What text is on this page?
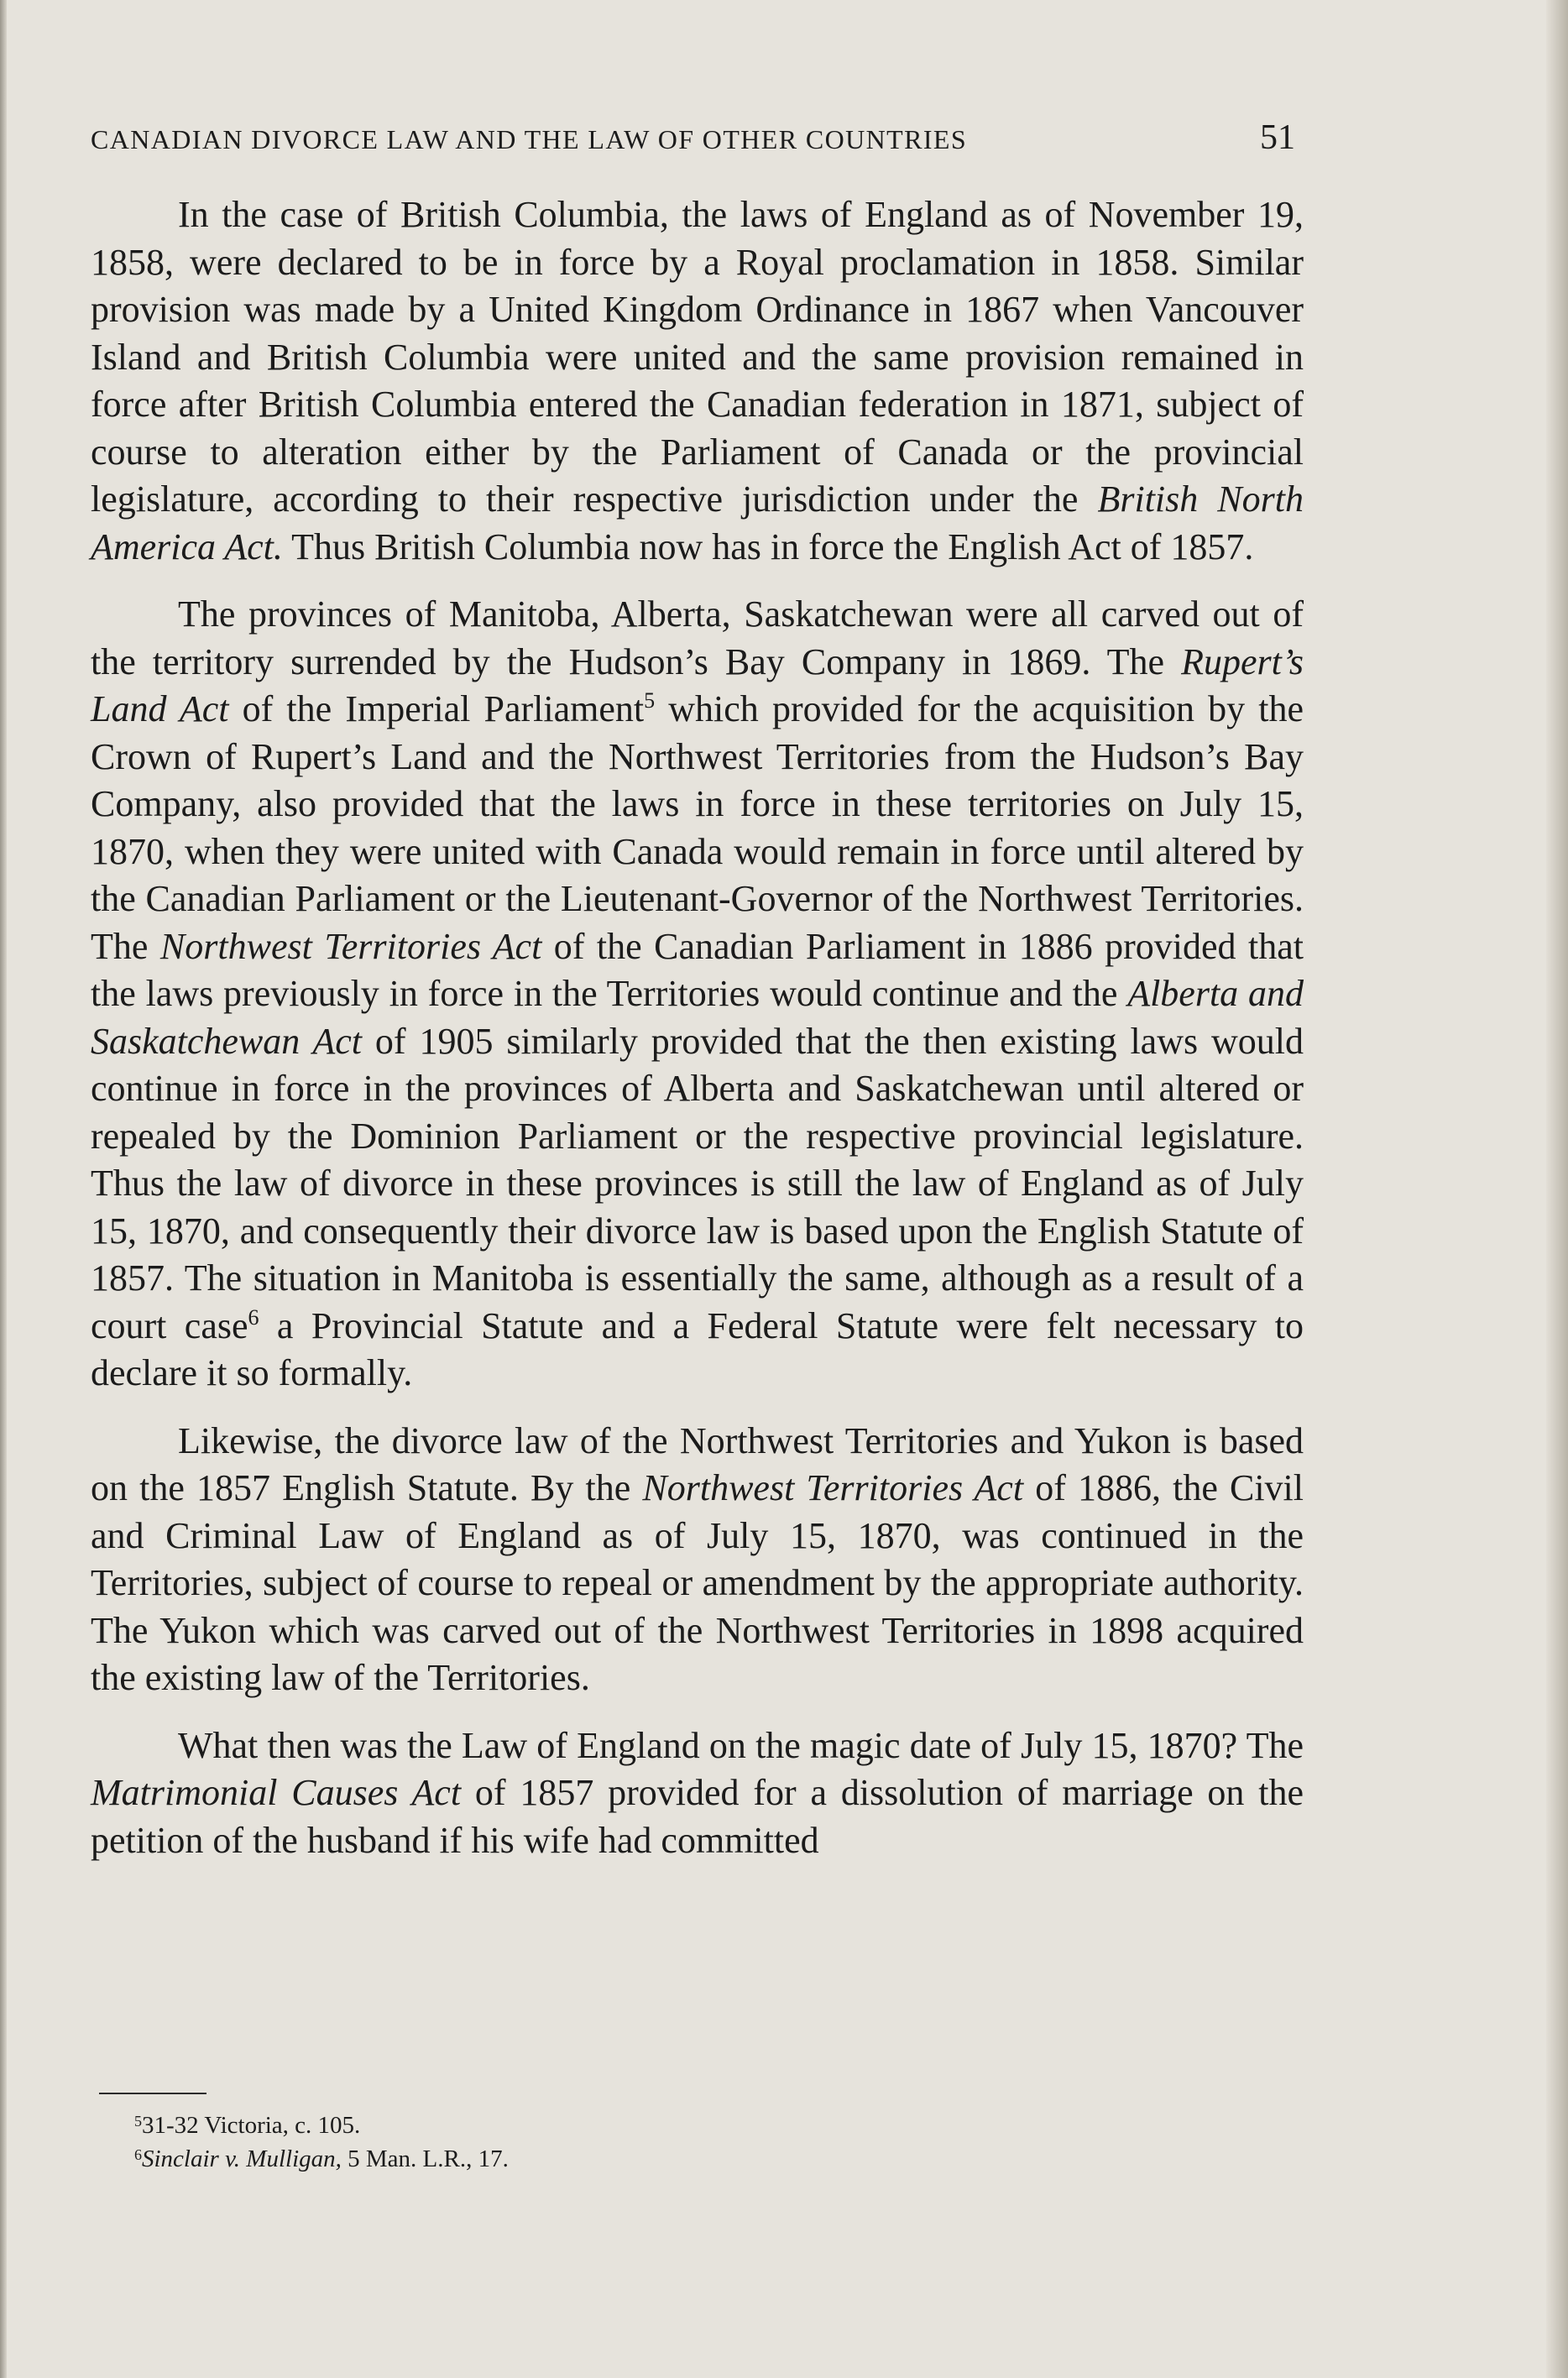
CANADIAN DIVORCE LAW AND THE LAW OF OTHER COUNTRIES	51

In the case of British Columbia, the laws of England as of November 19, 1858, were declared to be in force by a Royal proclamation in 1858. Similar provision was made by a United Kingdom Ordinance in 1867 when Vancouver Island and British Columbia were united and the same provision remained in force after British Columbia entered the Canadian federation in 1871, subject of course to alteration either by the Parliament of Canada or the provincial legislature, according to their respective jurisdiction under the British North America Act. Thus British Columbia now has in force the English Act of 1857.

The provinces of Manitoba, Alberta, Saskatchewan were all carved out of the territory surrended by the Hudson’s Bay Company in 1869. The Rupert’s Land Act of the Imperial Parliament$^5$ which provided for the acquisition by the Crown of Rupert’s Land and the Northwest Territories from the Hudson’s Bay Company, also provided that the laws in force in these territories on July 15, 1870, when they were united with Canada would remain in force until altered by the Canadian Parliament or the Lieutenant-Governor of the Northwest Territories. The Northwest Territories Act of the Canadian Parliament in 1886 provided that the laws previously in force in the Territories would continue and the Alberta and Saskatchewan Act of 1905 similarly provided that the then existing laws would continue in force in the provinces of Alberta and Saskatchewan until altered or repealed by the Dominion Parliament or the respective provincial legislature. Thus the law of divorce in these provinces is still the law of England as of July 15, 1870, and consequently their divorce law is based upon the English Statute of 1857. The situation in Manitoba is essentially the same, although as a result of a court case$^6$ a Provincial Statute and a Federal Statute were felt necessary to declare it so formally.

Likewise, the divorce law of the Northwest Territories and Yukon is based on the 1857 English Statute. By the Northwest Territories Act of 1886, the Civil and Criminal Law of England as of July 15, 1870, was continued in the Territories, subject of course to repeal or amendment by the appropriate authority. The Yukon which was carved out of the Northwest Territories in 1898 acquired the existing law of the Territories.

What then was the Law of England on the magic date of July 15, 1870? The Matrimonial Causes Act of 1857 provided for a dissolution of marriage on the petition of the husband if his wife had committed

$^5$31-32 Victoria, c. 105.
$^6$Sinclair v. Mulligan, 5 Man. L.R., 17.
